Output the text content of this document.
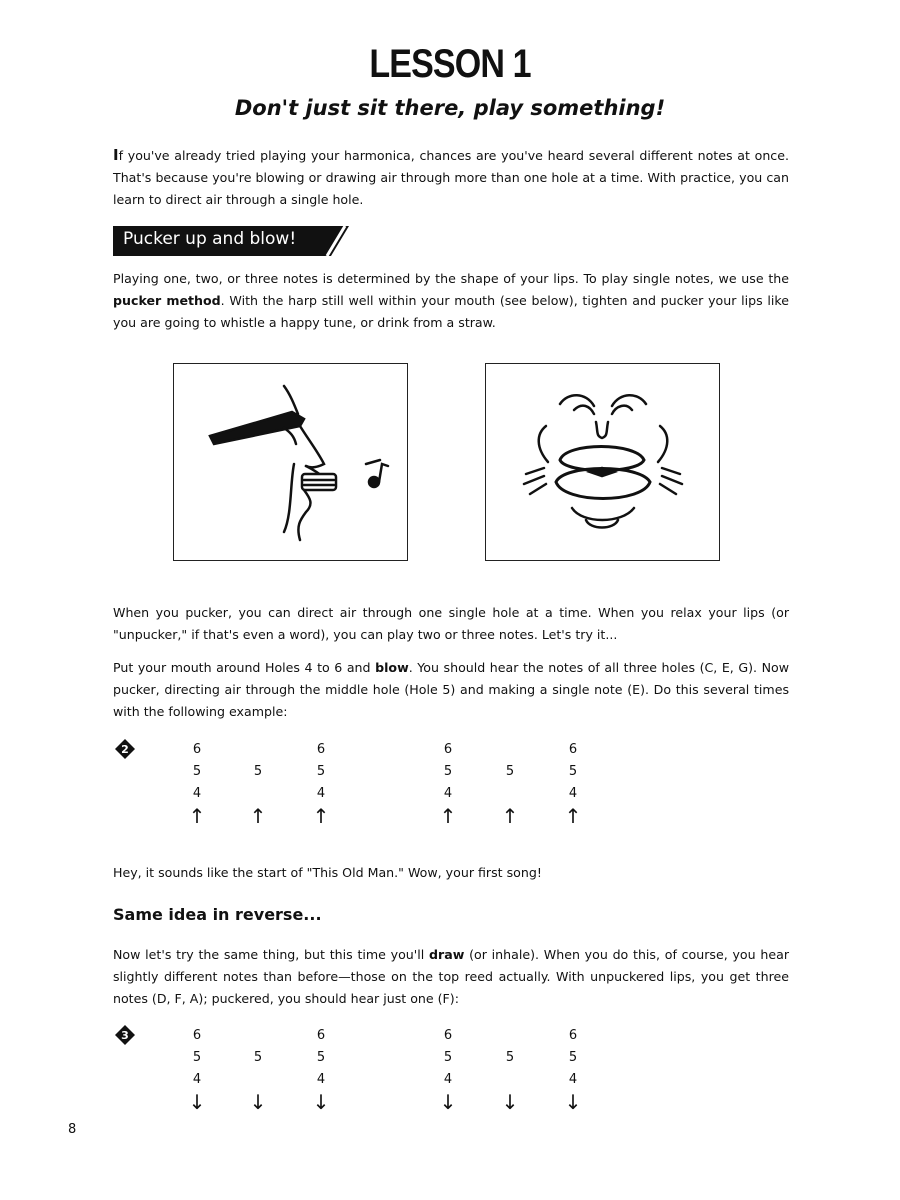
LESSON 1
Don't just sit there, play something!
If you've already tried playing your harmonica, chances are you've heard several different notes at once. That's because you're blowing or drawing air through more than one hole at a time. With practice, you can learn to direct air through a single hole.
Pucker up and blow!
Playing one, two, or three notes is determined by the shape of your lips. To play single notes, we use the pucker method. With the harp still well within your mouth (see below), tighten and pucker your lips like you are going to whistle a happy tune, or drink from a straw.
When you pucker, you can direct air through one single hole at a time. When you relax your lips (or "unpucker," if that's even a word), you can play two or three notes. Let's try it...
Put your mouth around Holes 4 to 6 and blow. You should hear the notes of all three holes (C, E, G). Now pucker, directing air through the middle hole (Hole 5) and making a single note (E). Do this several times with the following example:
2	6
5
4
↑
5
↑
6
5
4
↑
6
5
4
↑
5
↑
6
5
4
↑
Hey, it sounds like the start of "This Old Man." Wow, your first song!
Same idea in reverse...
Now let's try the same thing, but this time you'll draw (or inhale). When you do this, of course, you hear slightly different notes than before—those on the top reed actually. With unpuckered lips, you get three notes (D, F, A); puckered, you should hear just one (F):
3	6
5
4
↓
5
↓
6
5
4
↓
6
5
4
↓
5
↓
6
5
4
↓
8
